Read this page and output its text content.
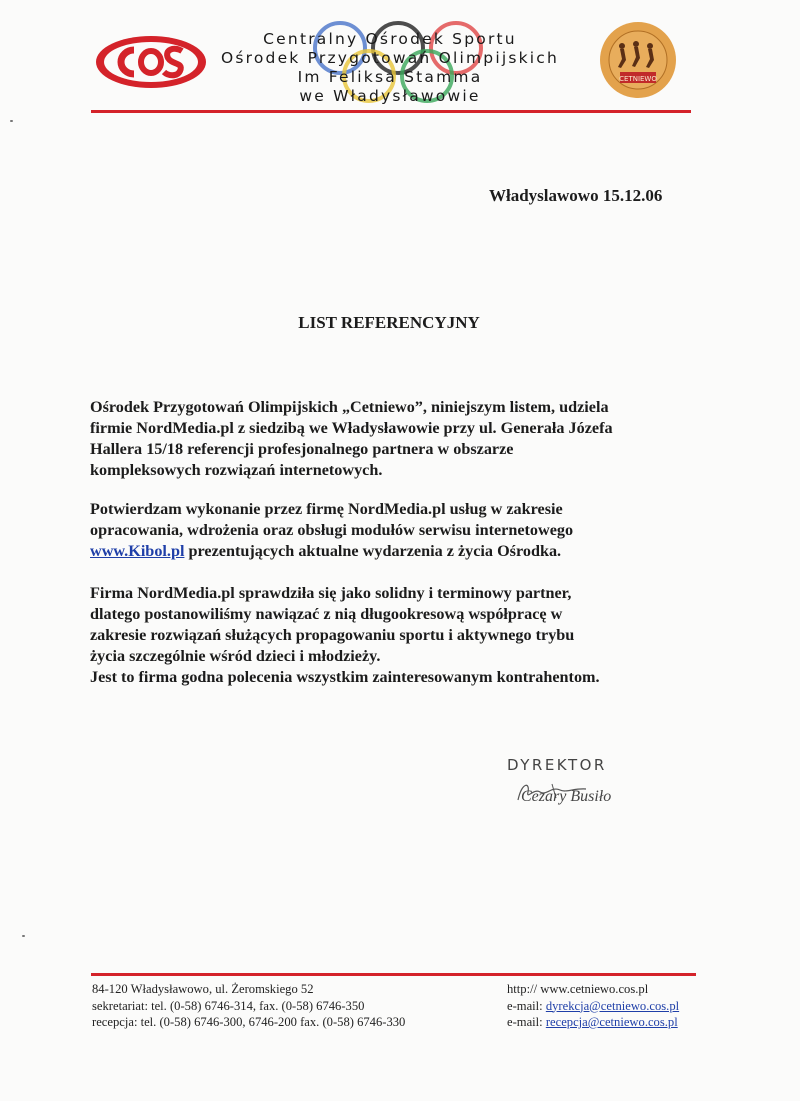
Centralny Ośrodek Sportu
Ośrodek Przygotowań Olimpijskich
Im Feliksa Stamma
we Władysławowie
CETNIEWO
Władyslawowo 15.12.06
LIST REFERENCYJNY
Ośrodek Przygotowań Olimpijskich „Cetniewo”, niniejszym listem, udziela
firmie NordMedia.pl z siedzibą we Władysławowie przy ul. Generała Józefa
Hallera 15/18 referencji profesjonalnego partnera w obszarze
kompleksowych rozwiązań internetowych.
Potwierdzam wykonanie przez firmę NordMedia.pl usług w zakresie
opracowania, wdrożenia oraz obsługi modułów serwisu internetowego
www.Kibol.pl prezentujących aktualne wydarzenia z życia Ośrodka.
Firma NordMedia.pl sprawdziła się jako solidny i terminowy partner,
dlatego postanowiliśmy nawiązać z nią długookresową współpracę w
zakresie rozwiązań służących propagowaniu sportu i aktywnego trybu
życia szczególnie wśród dzieci i młodzieży.
Jest to firma godna polecenia wszystkim zainteresowanym kontrahentom.
DYREKTOR
Cezary Busiło
84-120 Władysławowo, ul. Żeromskiego 52
sekretariat: tel. (0-58) 6746-314, fax. (0-58) 6746-350
recepcja: tel. (0-58) 6746-300, 6746-200 fax. (0-58) 6746-330
http:// www.cetniewo.cos.pl
e-mail: dyrekcja@cetniewo.cos.pl
e-mail: recepcja@cetniewo.cos.pl
